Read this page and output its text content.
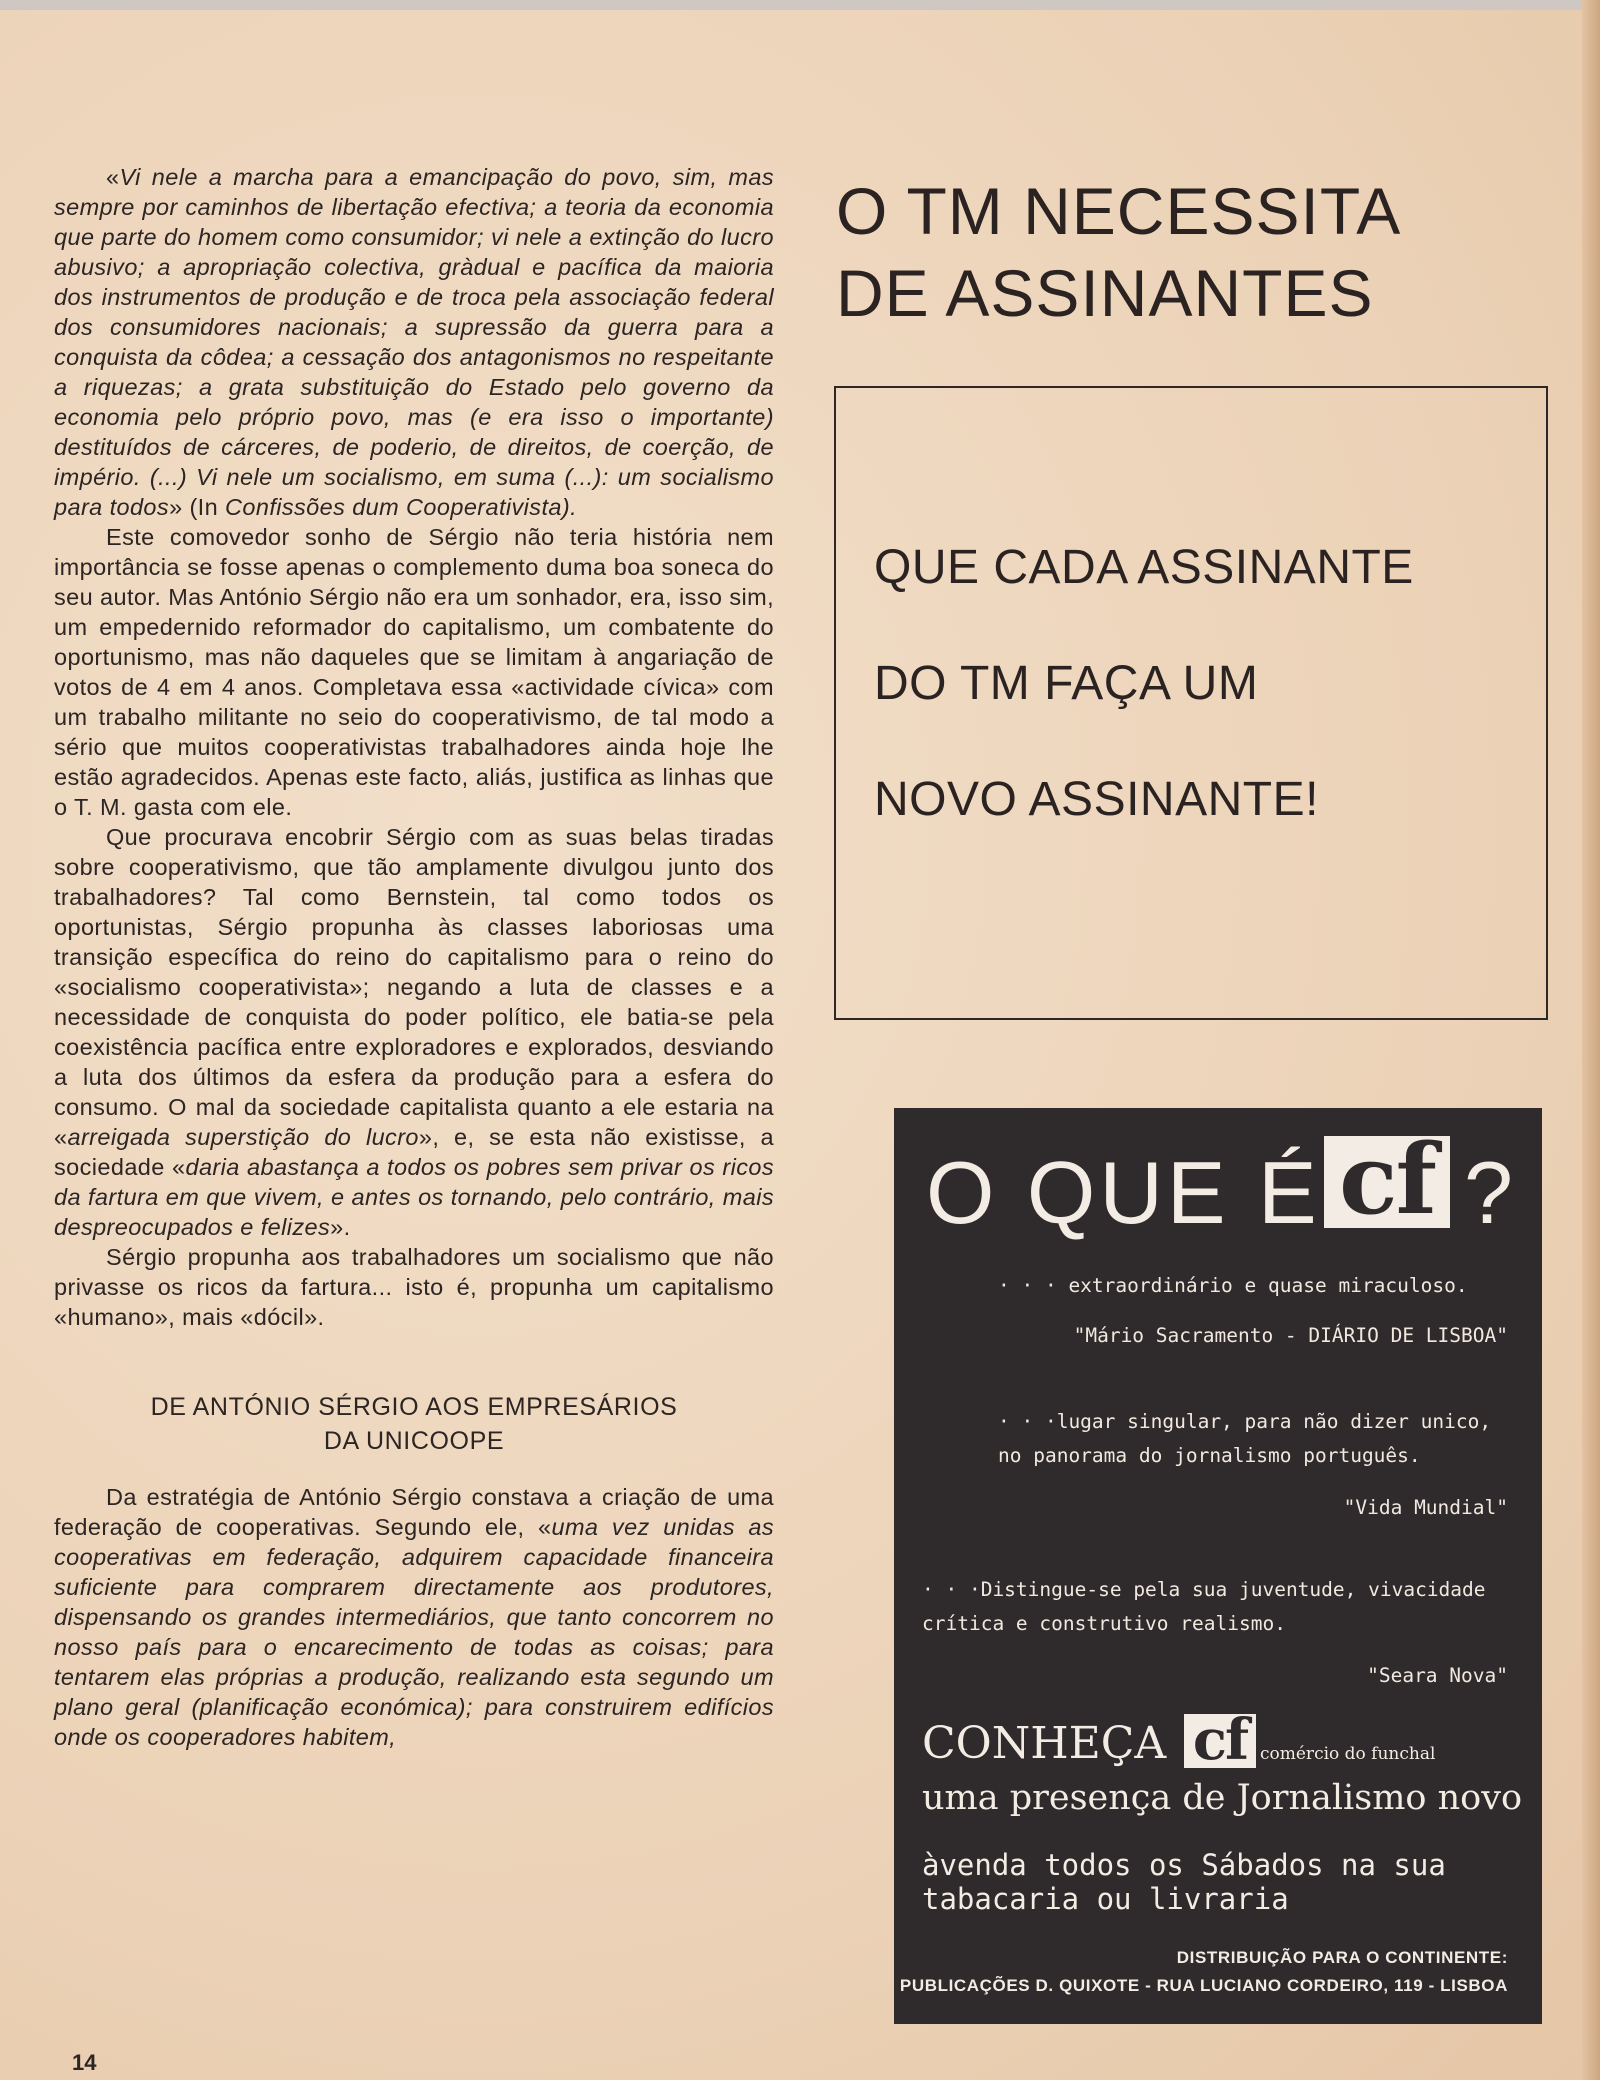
«Vi nele a marcha para a emancipação do povo, sim, mas sempre por caminhos de libertação efectiva; a teoria da economia que parte do homem como consumidor; vi nele a extinção do lucro abusivo; a apropriação colectiva, gràdual e pacífica da maioria dos instrumentos de produção e de troca pela associação federal dos consumidores nacionais; a supressão da guerra para a conquista da côdea; a cessação dos antagonismos no respeitante a riquezas; a grata substituição do Estado pelo governo da economia pelo próprio povo, mas (e era isso o importante) destituídos de cárceres, de poderio, de direitos, de coerção, de império. (...) Vi nele um socialismo, em suma (...): um socialismo para todos» (In Confissões dum Cooperativista).

Este comovedor sonho de Sérgio não teria história nem importância se fosse apenas o complemento duma boa soneca do seu autor. Mas António Sérgio não era um sonhador, era, isso sim, um empedernido reformador do capitalismo, um combatente do oportunismo, mas não daqueles que se limitam à angariação de votos de 4 em 4 anos. Completava essa «actividade cívica» com um trabalho militante no seio do cooperativismo, de tal modo a sério que muitos cooperativistas trabalhadores ainda hoje lhe estão agradecidos. Apenas este facto, aliás, justifica as linhas que o T. M. gasta com ele.

Que procurava encobrir Sérgio com as suas belas tiradas sobre cooperativismo, que tão amplamente divulgou junto dos trabalhadores? Tal como Bernstein, tal como todos os oportunistas, Sérgio propunha às classes laboriosas uma transição específica do reino do capitalismo para o reino do «socialismo cooperativista»; negando a luta de classes e a necessidade de conquista do poder político, ele batia-se pela coexistência pacífica entre exploradores e explorados, desviando a luta dos últimos da esfera da produção para a esfera do consumo. O mal da sociedade capitalista quanto a ele estaria na «arreigada superstição do lucro», e, se esta não existisse, a sociedade «daria abastança a todos os pobres sem privar os ricos da fartura em que vivem, e antes os tornando, pelo contrário, mais despreocupados e felizes».

Sérgio propunha aos trabalhadores um socialismo que não privasse os ricos da fartura... isto é, propunha um capitalismo «humano», mais «dócil».

DE ANTÓNIO SÉRGIO AOS EMPRESÁRIOS
DA UNICOOPE

Da estratégia de António Sérgio constava a criação de uma federação de cooperativas. Segundo ele, «uma vez unidas as cooperativas em federação, adquirem capacidade financeira suficiente para comprarem directamente aos produtores, dispensando os grandes intermediários, que tanto concorrem no nosso país para o encarecimento de todas as coisas; para tentarem elas próprias a produção, realizando esta segundo um plano geral (planificação económica); para construirem edifícios onde os cooperadores habitem,

14
O TM NECESSITA
DE ASSINANTES
QUE CADA ASSINANTE
DO TM FAÇA UM
NOVO ASSINANTE!
O QUE É cf ?
· · · extraordinário e quase miraculoso.
"Mário Sacramento - DIÁRIO DE LISBOA"
· · ·lugar singular, para não dizer unico,
no panorama do jornalismo português.
"Vida Mundial"
· · ·Distingue-se pela sua juventude, vivacidade
crítica e construtivo realismo.
"Seara Nova"
CONHEÇA cf comércio do funchal
uma presença de Jornalismo novo
àvenda todos os Sábados na sua
tabacaria ou livraria
DISTRIBUIÇÃO PARA O CONTINENTE:
PUBLICAÇÕES D. QUIXOTE - RUA LUCIANO CORDEIRO, 119 - LISBOA
